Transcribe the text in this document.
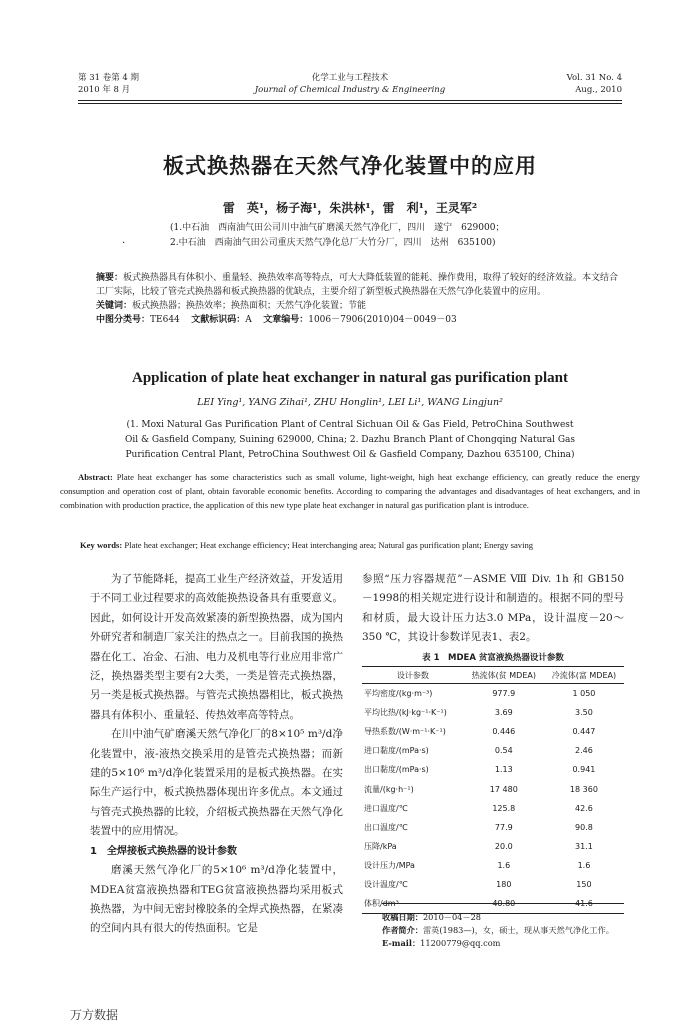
第 31 卷第 4 期
2010 年 8 月
化学工业与工程技术
Journal of Chemical Industry & Engineering
Vol. 31 No. 4
Aug., 2010
板式换热器在天然气净化装置中的应用
雷　英¹，杨子海¹，朱洪林¹，雷　利¹，王灵军²
(1.中石油　西南油气田公司川中油气矿磨溪天然气净化厂，四川　遂宁　629000；
2.中石油　西南油气田公司重庆天然气净化总厂大竹分厂，四川　达州　635100)
·
摘要：板式换热器具有体积小、重量轻、换热效率高等特点，可大大降低装置的能耗、操作费用，取得了较好的经济效益。本文结合工厂实际，比较了管壳式换热器和板式换热器的优缺点，主要介绍了新型板式换热器在天然气净化装置中的应用。
关键词：板式换热器；换热效率；换热面积；天然气净化装置；节能
中图分类号：TE644 文献标识码：A 文章编号：1006－7906(2010)04－0049－03
Application of plate heat exchanger in natural gas purification plant
LEI Ying¹, YANG Zihai¹, ZHU Honglin¹, LEI Li¹, WANG Lingjun²
(1. Moxi Natural Gas Purification Plant of Central Sichuan Oil & Gas Field, PetroChina Southwest
Oil & Gasfield Company, Suining 629000, China; 2. Dazhu Branch Plant of Chongqing Natural Gas
Purification Central Plant, PetroChina Southwest Oil & Gasfield Company, Dazhou 635100, China)
Abstract: Plate heat exchanger has some characteristics such as small volume, light-weight, high heat exchange efficiency, can greatly reduce the energy consumption and operation cost of plant, obtain favorable economic benefits. According to comparing the advantages and disadvantages of heat exchangers, and in combination with production practice, the application of this new type plate heat exchanger in natural gas purification plant is introduce.
Key words: Plate heat exchanger; Heat exchange efficiency; Heat interchanging area; Natural gas purification plant; Energy saving

为了节能降耗，提高工业生产经济效益，开发适用于不同工业过程要求的高效能换热设备具有重要意义。因此，如何设计开发高效紧凑的新型换热器，成为国内外研究者和制造厂家关注的热点之一。目前我国的换热器在化工、冶金、石油、电力及机电等行业应用非常广泛，换热器类型主要有2大类，一类是管壳式换热器，另一类是板式换热器。与管壳式换热器相比，板式换热器具有体积小、重量轻、传热效率高等特点。

在川中油气矿磨溪天然气净化厂的8×10⁵ m³/d净化装置中，液-液热交换采用的是管壳式换热器；而新建的5×10⁶ m³/d净化装置采用的是板式换热器。在实际生产运行中，板式换热器体现出许多优点。本文通过与管壳式换热器的比较，介绍板式换热器在天然气净化装置中的应用情况。

1　全焊接板式换热器的设计参数

磨溪天然气净化厂的5×10⁶ m³/d净化装置中，MDEA贫富液换热器和TEG贫富液换热器均采用板式换热器，为中间无密封橡胶条的全焊式换热器，在紧凑的空间内具有很大的传热面积。它是

参照“压力容器规范”－ASME Ⅷ Div. 1h 和 GB150－1998的相关规定进行设计和制造的。根据不同的型号和材质，最大设计压力达3.0 MPa，设计温度－20～350 ℃，其设计参数详见表1、表2。

表 1　MDEA 贫富液换热器设计参数
设计参数	热流体(贫 MDEA)	冷流体(富 MDEA)
平均密度/(kg·m⁻³)	977.9	1 050
平均比热/(kJ·kg⁻¹·K⁻¹)	3.69	3.50
导热系数/(W·m⁻¹·K⁻¹)	0.446	0.447
进口黏度/(mPa·s)	0.54	2.46
出口黏度/(mPa·s)	1.13	0.941
流量/(kg·h⁻¹)	17 480	18 360
进口温度/℃	125.8	42.6
出口温度/℃	77.9	90.8
压降/kPa	20.0	31.1
设计压力/MPa	1.6	1.6
设计温度/℃	180	150
体积/dm³	40.80	41.6
收稿日期：2010－04－28
作者简介：雷英(1983—)，女，硕士，现从事天然气净化工作。
E-mail：11200779@qq.com
万方数据
